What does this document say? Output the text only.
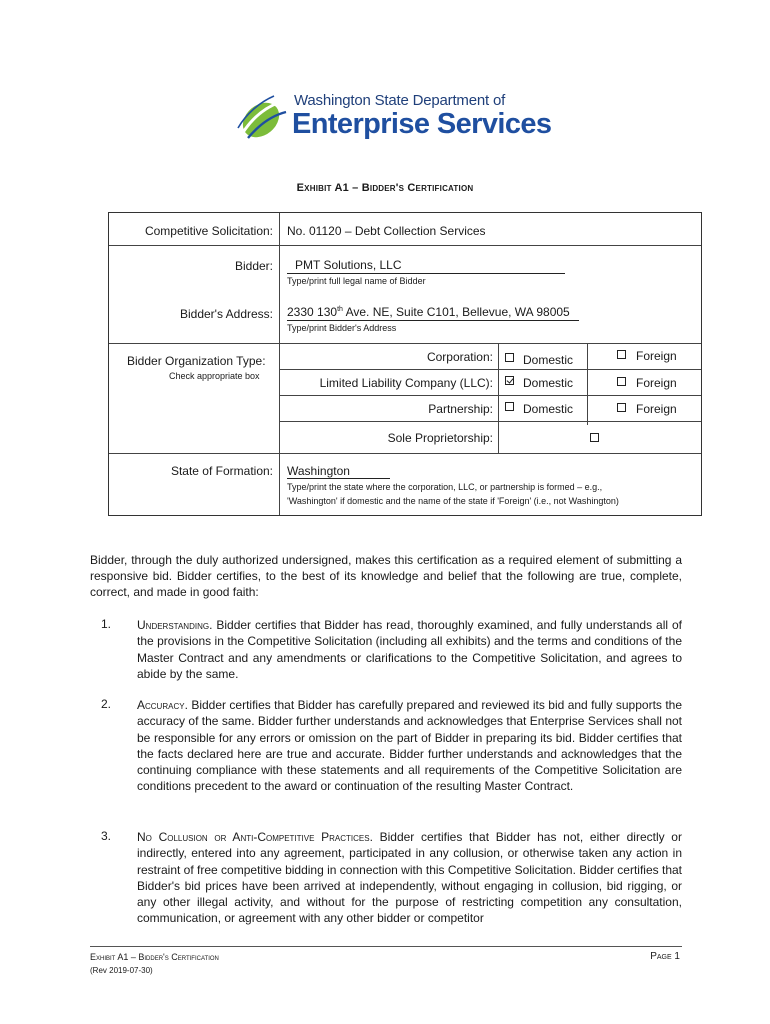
Washington State Department of
Enterprise Services
Exhibit A1 – Bidder's Certification
Competitive Solicitation: No. 01120 – Debt Collection Services
Bidder: PMT Solutions, LLC
Type/print full legal name of Bidder
Bidder's Address: 2330 130th Ave. NE, Suite C101, Bellevue, WA 98005
Type/print Bidder's Address
Bidder Organization Type:
Check appropriate box
Corporation:	Domestic	Foreign
Limited Liability Company (LLC):	Domestic	Foreign
Partnership:	Domestic	Foreign
Sole Proprietorship:
State of Formation: Washington
Type/print the state where the corporation, LLC, or partnership is formed – e.g.,
'Washington' if domestic and the name of the state if 'Foreign' (i.e., not Washington)
Bidder, through the duly authorized undersigned, makes this certification as a required element of submitting a responsive bid. Bidder certifies, to the best of its knowledge and belief that the following are true, complete, correct, and made in good faith:
1. Understanding. Bidder certifies that Bidder has read, thoroughly examined, and fully understands all of the provisions in the Competitive Solicitation (including all exhibits) and the terms and conditions of the Master Contract and any amendments or clarifications to the Competitive Solicitation, and agrees to abide by the same.
2. Accuracy. Bidder certifies that Bidder has carefully prepared and reviewed its bid and fully supports the accuracy of the same. Bidder further understands and acknowledges that Enterprise Services shall not be responsible for any errors or omission on the part of Bidder in preparing its bid. Bidder certifies that the facts declared here are true and accurate. Bidder further understands and acknowledges that the continuing compliance with these statements and all requirements of the Competitive Solicitation are conditions precedent to the award or continuation of the resulting Master Contract.
3. No Collusion or Anti-Competitive Practices. Bidder certifies that Bidder has not, either directly or indirectly, entered into any agreement, participated in any collusion, or otherwise taken any action in restraint of free competitive bidding in connection with this Competitive Solicitation. Bidder certifies that Bidder's bid prices have been arrived at independently, without engaging in collusion, bid rigging, or any other illegal activity, and without for the purpose of restricting competition any consultation, communication, or agreement with any other bidder or competitor
Exhibit A1 – Bidder's Certification
(Rev 2019-07-30)
Page 1
